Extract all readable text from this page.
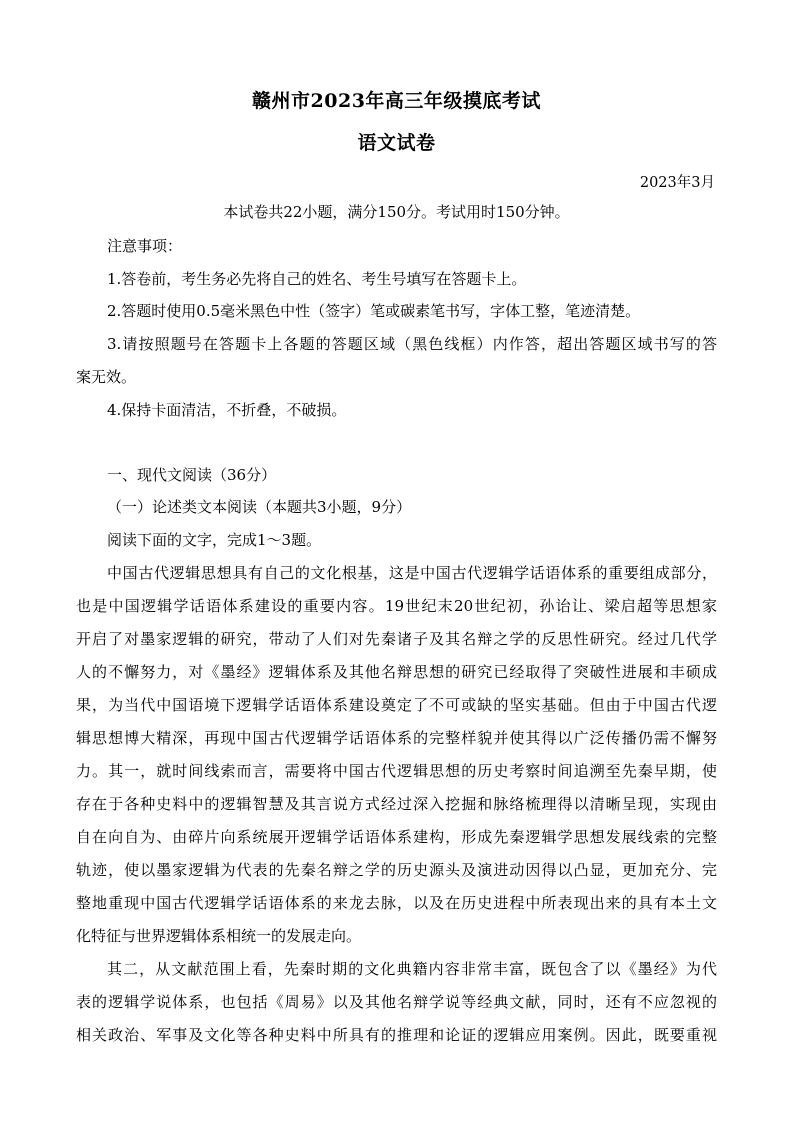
赣州市2023年高三年级摸底考试
语文试卷
2023年3月
本试卷共22小题，满分150分。考试用时150分钟。
注意事项：
1.答卷前，考生务必先将自己的姓名、考生号填写在答题卡上。
2.答题时使用0.5毫米黑色中性（签字）笔或碳素笔书写，字体工整，笔迹清楚。
3.请按照题号在答题卡上各题的答题区域（黑色线框）内作答，超出答题区域书写的答
案无效。
4.保持卡面清洁，不折叠，不破损。
一、现代文阅读（36分）
（一）论述类文本阅读（本题共3小题，9分）
阅读下面的文字，完成1～3题。
中国古代逻辑思想具有自己的文化根基，这是中国古代逻辑学话语体系的重要组成部分，
也是中国逻辑学话语体系建设的重要内容。19世纪末20世纪初，孙诒让、梁启超等思想家
开启了对墨家逻辑的研究，带动了人们对先秦诸子及其名辩之学的反思性研究。经过几代学
人的不懈努力，对《墨经》逻辑体系及其他名辩思想的研究已经取得了突破性进展和丰硕成
果，为当代中国语境下逻辑学话语体系建设奠定了不可或缺的坚实基础。但由于中国古代逻
辑思想博大精深，再现中国古代逻辑学话语体系的完整样貌并使其得以广泛传播仍需不懈努
力。其一，就时间线索而言，需要将中国古代逻辑思想的历史考察时间追溯至先秦早期，使
存在于各种史料中的逻辑智慧及其言说方式经过深入挖掘和脉络梳理得以清晰呈现，实现由
自在向自为、由碎片向系统展开逻辑学话语体系建构，形成先秦逻辑学思想发展线索的完整
轨迹，使以墨家逻辑为代表的先秦名辩之学的历史源头及演进动因得以凸显，更加充分、完
整地重现中国古代逻辑学话语体系的来龙去脉，以及在历史进程中所表现出来的具有本土文
化特征与世界逻辑体系相统一的发展走向。
其二，从文献范围上看，先秦时期的文化典籍内容非常丰富，既包含了以《墨经》为代
表的逻辑学说体系，也包括《周易》以及其他名辩学说等经典文献，同时，还有不应忽视的
相关政治、军事及文化等各种史料中所具有的推理和论证的逻辑应用案例。因此，既要重视
